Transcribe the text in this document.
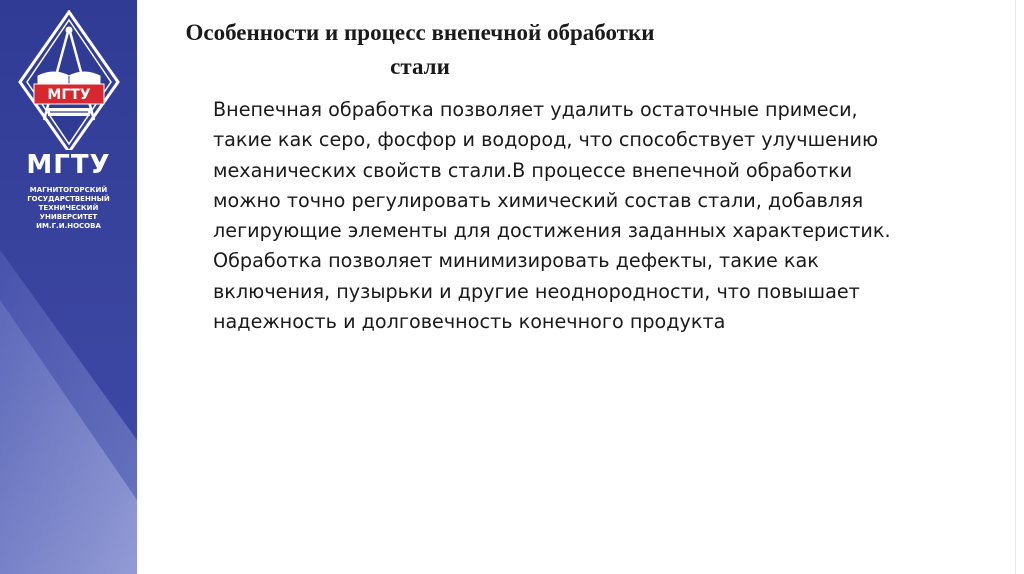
МГТУ
МГТУ
МАГНИТОГОРСКИЙ
ГОСУДАРСТВЕННЫЙ
ТЕХНИЧЕСКИЙ
УНИВЕРСИТЕТ
ИМ.Г.И.НОСОВА
Особенности и процесс внепечной обработки
стали
Внепечная обработка позволяет удалить остаточные примеси,
такие как серо, фосфор и водород, что способствует улучшению
механических свойств стали.В процессе внепечной обработки
можно точно регулировать химический состав стали, добавляя
легирующие элементы для достижения заданных характеристик.
Обработка позволяет минимизировать дефекты, такие как
включения, пузырьки и другие неоднородности, что повышает
надежность и долговечность конечного продукта
